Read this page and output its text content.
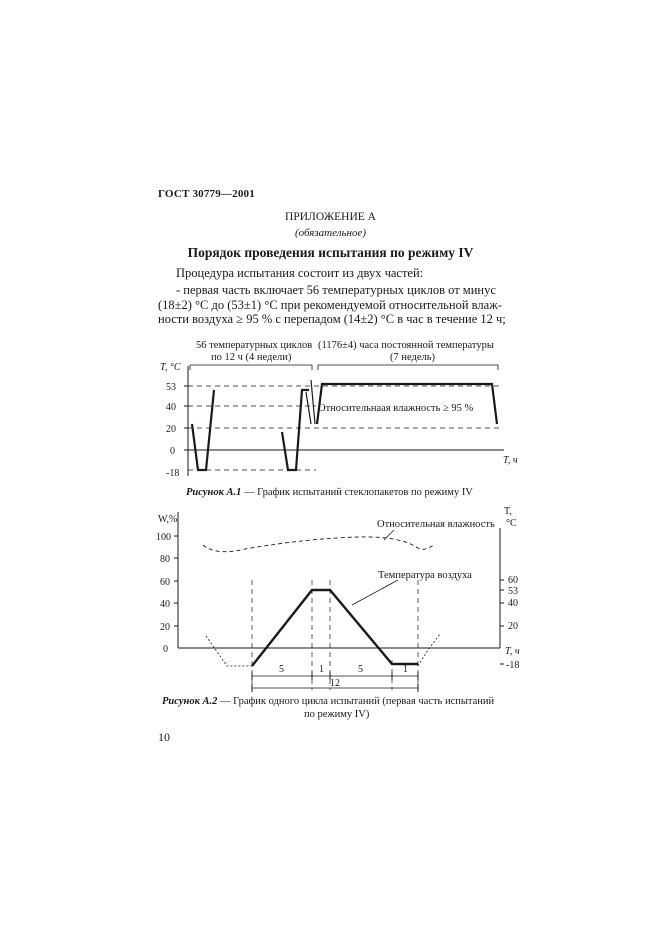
ГОСТ 30779—2001
ПРИЛОЖЕНИЕ А
(обязательное)
Порядок проведения испытания по режиму IV
Процедура испытания состоит из двух частей:
- первая часть включает 56 температурных циклов от минус
(18±2) °С до (53±1) °С при рекомендуемой относительной влаж-
ности воздуха ≥ 95 % с перепадом (14±2) °С в час в течение 12 ч;
56 температурных циклов
по 12 ч (4 недели)
(1176±4) часа постоянной температуры
(7 недель)
T, °C
53
40
20
0
-18
T, ч
Относительнаая влажность ≥ 95 %
W,%
T,
°C
100
80
60
40
20
0
60
53
40
20
-18
T, ч
Относительная влажность
Температура воздуха
5	1	5	1
12
Рисунок А.1 — График испытаний стеклопакетов по режиму IV
Рисунок А.2 — График одного цикла испытаний (первая часть испытаний
по режиму IV)
10
